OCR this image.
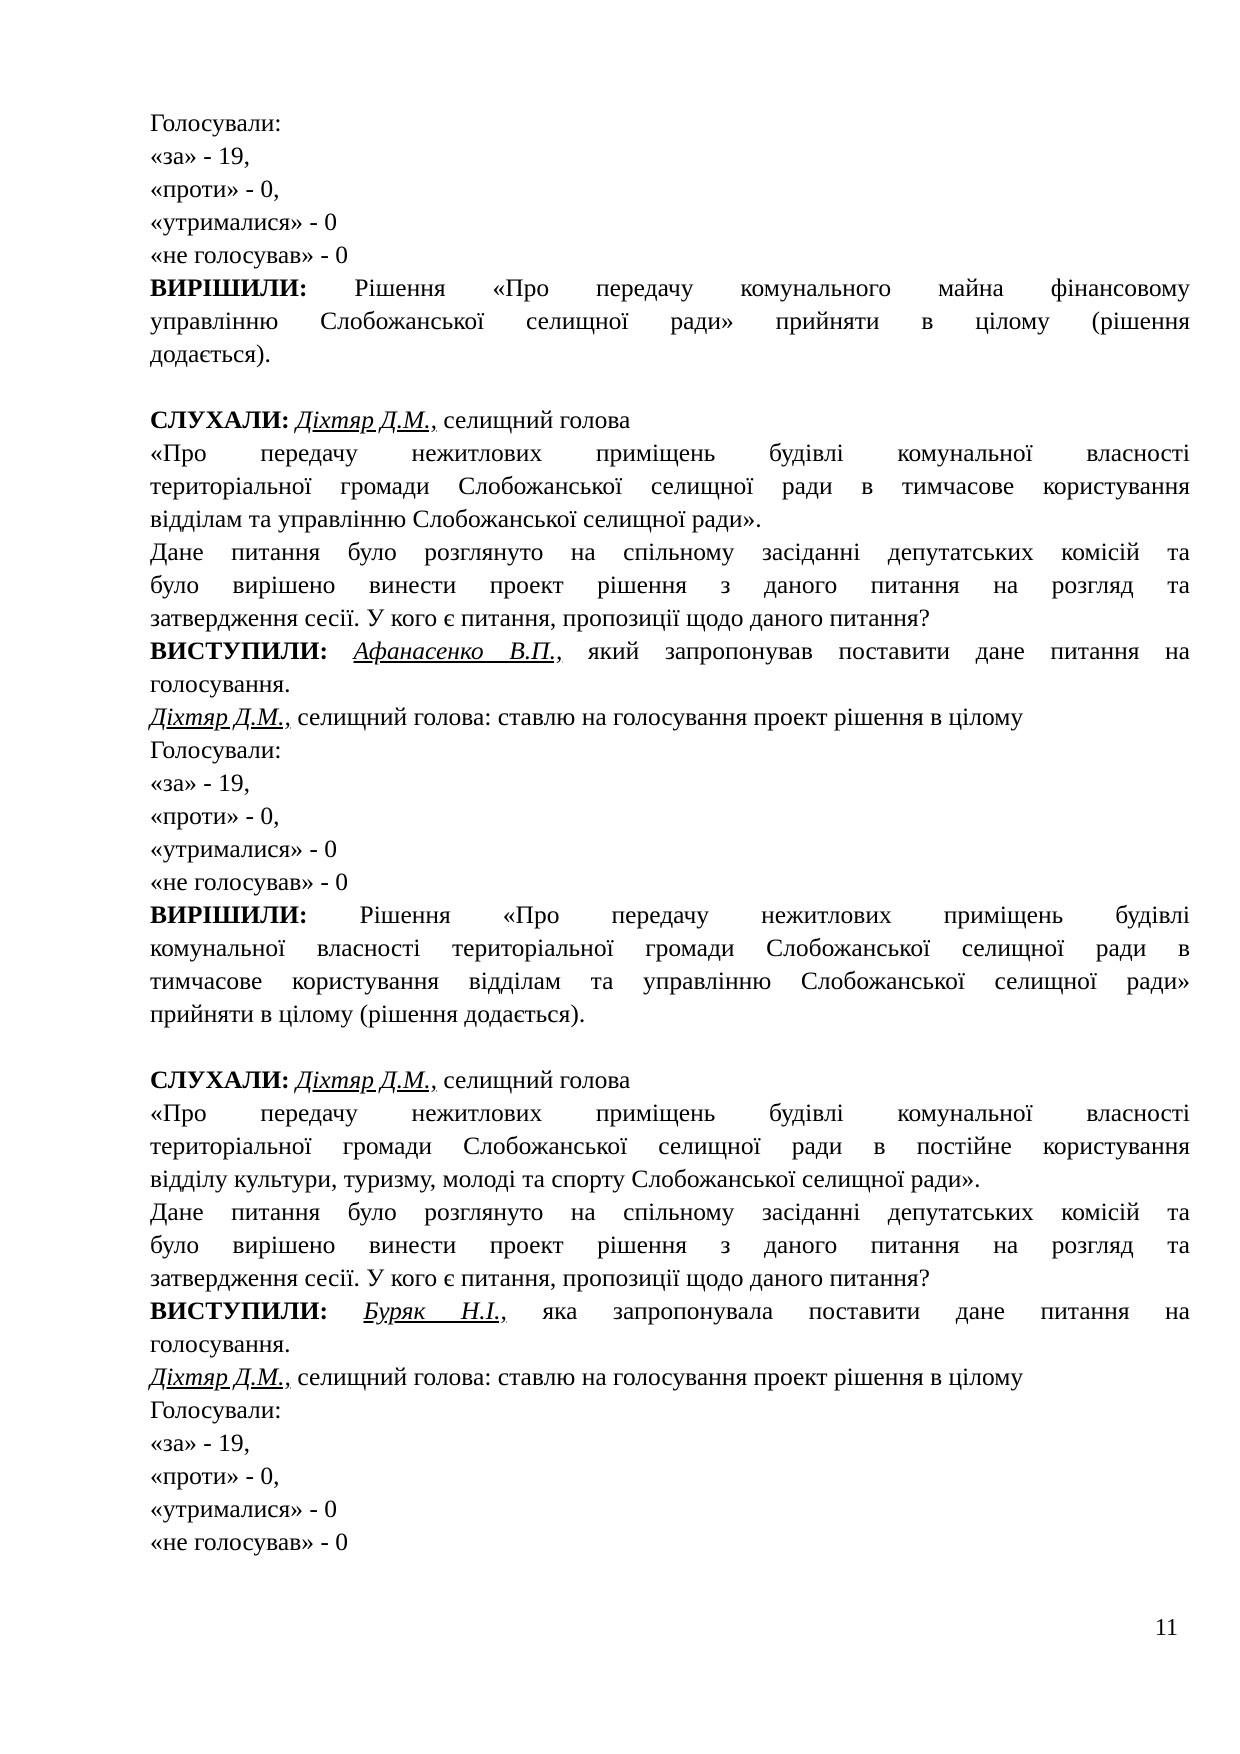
Голосували:

«за» - 19,

«проти» - 0,

«утрималися» - 0

«не голосував» - 0

ВИРІШИЛИ: Рішення «Про передачу комунального майна фінансовому

управлінню Слобожанської селищної ради» прийняти в цілому (рішення

додається).

СЛУХАЛИ: Діхтяр Д.М., селищний голова

«Про передачу нежитлових приміщень будівлі комунальної власності

територіальної громади Слобожанської селищної ради в тимчасове користування

відділам та управлінню Слобожанської селищної ради».

Дане питання було розглянуто на спільному засіданні депутатських комісій та

було вирішено винести проект рішення з даного питання на розгляд та

затвердження сесії. У кого є питання, пропозиції щодо даного питання?

ВИСТУПИЛИ: Афанасенко В.П., який запропонував поставити дане питання на

голосування.

Діхтяр Д.М., селищний голова: ставлю на голосування проект рішення в цілому

Голосували:

«за» - 19,

«проти» - 0,

«утрималися» - 0

«не голосував» - 0

ВИРІШИЛИ: Рішення «Про передачу нежитлових приміщень будівлі

комунальної власності територіальної громади Слобожанської селищної ради в

тимчасове користування відділам та управлінню Слобожанської селищної ради»

прийняти в цілому (рішення додається).

СЛУХАЛИ: Діхтяр Д.М., селищний голова

«Про передачу нежитлових приміщень будівлі комунальної власності

територіальної громади Слобожанської селищної ради в постійне користування

відділу культури, туризму, молоді та спорту Слобожанської селищної ради».

Дане питання було розглянуто на спільному засіданні депутатських комісій та

було вирішено винести проект рішення з даного питання на розгляд та

затвердження сесії. У кого є питання, пропозиції щодо даного питання?

ВИСТУПИЛИ: Буряк Н.І., яка запропонувала поставити дане питання на

голосування.

Діхтяр Д.М., селищний голова: ставлю на голосування проект рішення в цілому

Голосували:

«за» - 19,

«проти» - 0,

«утрималися» - 0

«не голосував» - 0

11
